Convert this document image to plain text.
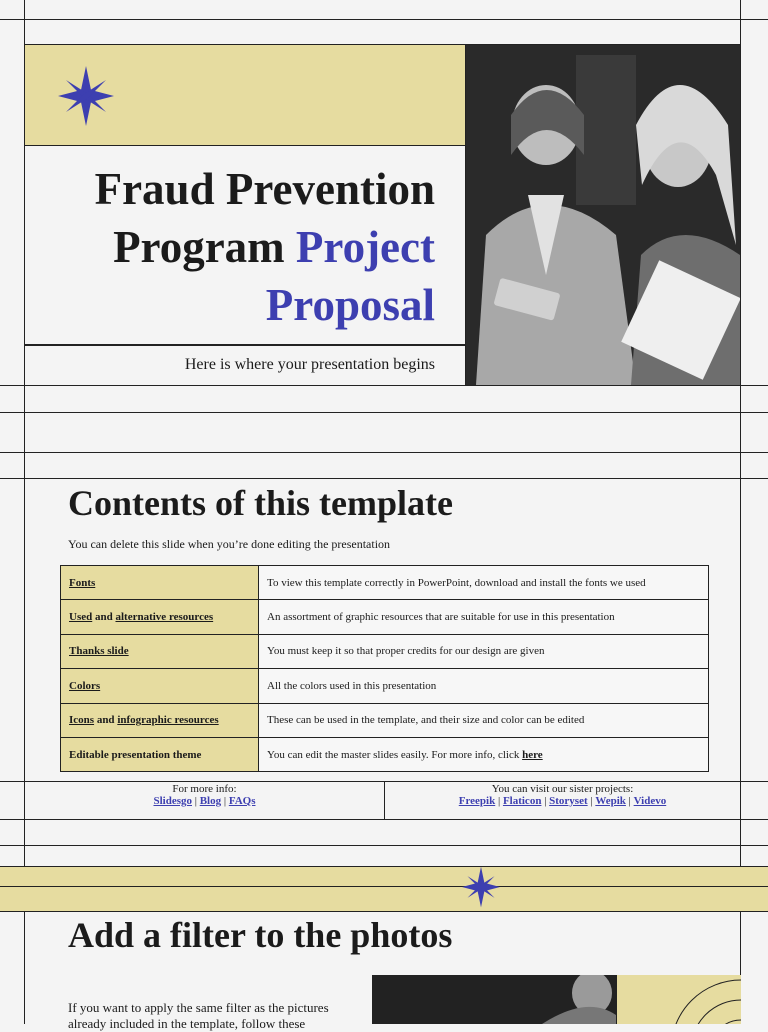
Fraud Prevention
Program Project
Proposal
Here is where your presentation begins
Contents of this template
You can delete this slide when you’re done editing the presentation
Fonts	To view this template correctly in PowerPoint, download and install the fonts we used
Used and alternative resources	An assortment of graphic resources that are suitable for use in this presentation
Thanks slide	You must keep it so that proper credits for our design are given
Colors	All the colors used in this presentation
Icons and infographic resources	These can be used in the template, and their size and color can be edited
Editable presentation theme	You can edit the master slides easily. For more info, click here
For more info:
Slidesgo | Blog | FAQs
You can visit our sister projects:
Freepik | Flaticon | Storyset | Wepik | Videvo
Add a filter to the photos
If you want to apply the same filter as the pictures already included in the template, follow these
